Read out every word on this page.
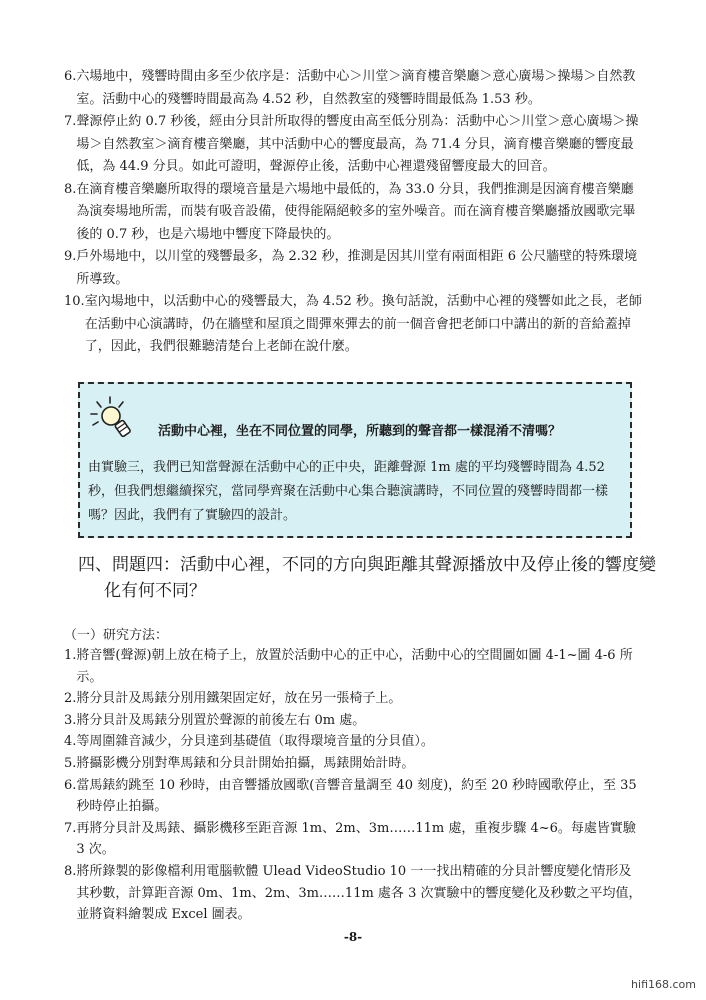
6. 六場地中，殘響時間由多至少依序是：活動中心＞川堂＞滴育樓音樂廳＞意心廣場＞操場＞自然教室。活動中心的殘響時間最高為 4.52 秒，自然教室的殘響時間最低為 1.53 秒。
7. 聲源停止約 0.7 秒後，經由分貝計所取得的響度由高至低分別為：活動中心＞川堂＞意心廣場＞操場＞自然教室＞滴育樓音樂廳，其中活動中心的響度最高，為 71.4 分貝，滴育樓音樂廳的響度最低，為 44.9 分貝。如此可證明，聲源停止後，活動中心裡還殘留響度最大的回音。
8. 在滴育樓音樂廳所取得的環境音量是六場地中最低的，為 33.0 分貝，我們推測是因滴育樓音樂廳為演奏場地所需，而裝有吸音設備，使得能隔絕較多的室外噪音。而在滴育樓音樂廳播放國歌完畢後的 0.7 秒，也是六場地中響度下降最快的。
9. 戶外場地中，以川堂的殘響最多，為 2.32 秒，推測是因其川堂有兩面相距 6 公尺牆壁的特殊環境所導致。
10. 室內場地中，以活動中心的殘響最大，為 4.52 秒。換句話說，活動中心裡的殘響如此之長，老師在活動中心演講時，仍在牆壁和屋頂之間彈來彈去的前一個音會把老師口中講出的新的音給蓋掉了，因此，我們很難聽清楚台上老師在說什麼。
活動中心裡，坐在不同位置的同學，所聽到的聲音都一樣混淆不清嗎？
由實驗三，我們已知當聲源在活動中心的正中央，距離聲源 1m 處的平均殘響時間為 4.52 秒，但我們想繼續探究，當同學齊聚在活動中心集合聽演講時，不同位置的殘響時間都一樣嗎？因此，我們有了實驗四的設計。
四、問題四：活動中心裡，不同的方向與距離其聲源播放中及停止後的響度變
化有何不同？
（一）研究方法：
1. 將音響(聲源)朝上放在椅子上，放置於活動中心的正中心，活動中心的空間圖如圖 4-1~圖 4-6 所示。
2. 將分貝計及馬錶分別用鐵架固定好，放在另一張椅子上。
3. 將分貝計及馬錶分別置於聲源的前後左右 0m 處。
4. 等周圍雜音減少，分貝達到基礎值（取得環境音量的分貝值）。
5. 將攝影機分別對準馬錶和分貝計開始拍攝，馬錶開始計時。
6. 當馬錶約跳至 10 秒時，由音響播放國歌(音響音量調至 40 刻度)，約至 20 秒時國歌停止，至 35 秒時停止拍攝。
7. 再將分貝計及馬錶、攝影機移至距音源 1m、2m、3m……11m 處，重複步驟 4~6。每處皆實驗 3 次。
8. 將所錄製的影像檔利用電腦軟體 Ulead VideoStudio 10 一一找出精確的分貝計響度變化情形及其秒數，計算距音源 0m、1m、2m、3m……11m 處各 3 次實驗中的響度變化及秒數之平均值，並將資料繪製成 Excel 圖表。
-8-
hifi168.com
